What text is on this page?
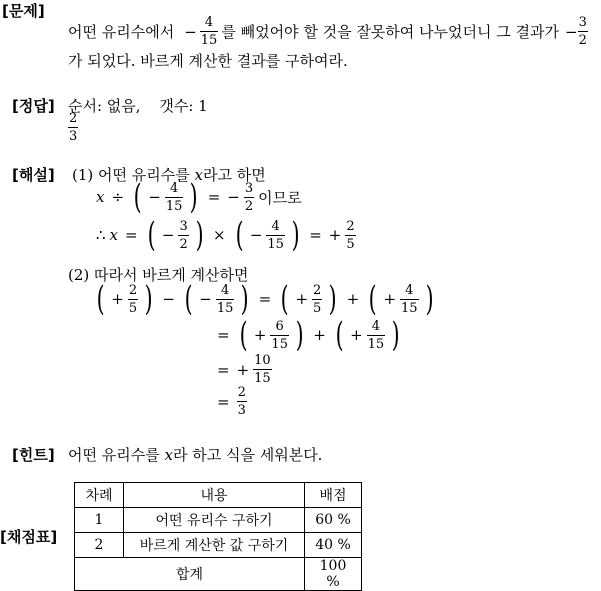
[문제]
어떤 유리수에서 − $\frac{4}{15}$ 를 빼었어야 할 것을 잘못하여 나누었더니 그 결과가 − $\frac{3}{2}$
가 되었다. 바르게 계산한 결과를 구하여라.
[정답] 순서: 없음, 갯수: 1
$\frac{2}{3}$
[해설] (1) 어떤 유리수를 x라고 하면
x ÷ ( − $\frac{4}{15}$ ) = − $\frac{3}{2}$ 이므로
∴ x = ( − $\frac{3}{2}$ ) × ( − $\frac{4}{15}$ ) = + $\frac{2}{5}$
(2) 따라서 바르게 계산하면
( + $\frac{2}{5}$ ) − ( − $\frac{4}{15}$ ) = ( + $\frac{2}{5}$ ) + ( + $\frac{4}{15}$ )
= ( + $\frac{6}{15}$ ) + ( + $\frac{4}{15}$ )
= + $\frac{10}{15}$
= $\frac{2}{3}$
[힌트] 어떤 유리수를 x라 하고 식을 세워본다.
[채점표]
차례	내용	배점
1	어떤 유리수 구하기	60 %
2	바르게 계산한 값 구하기	40 %
합계		100 %
